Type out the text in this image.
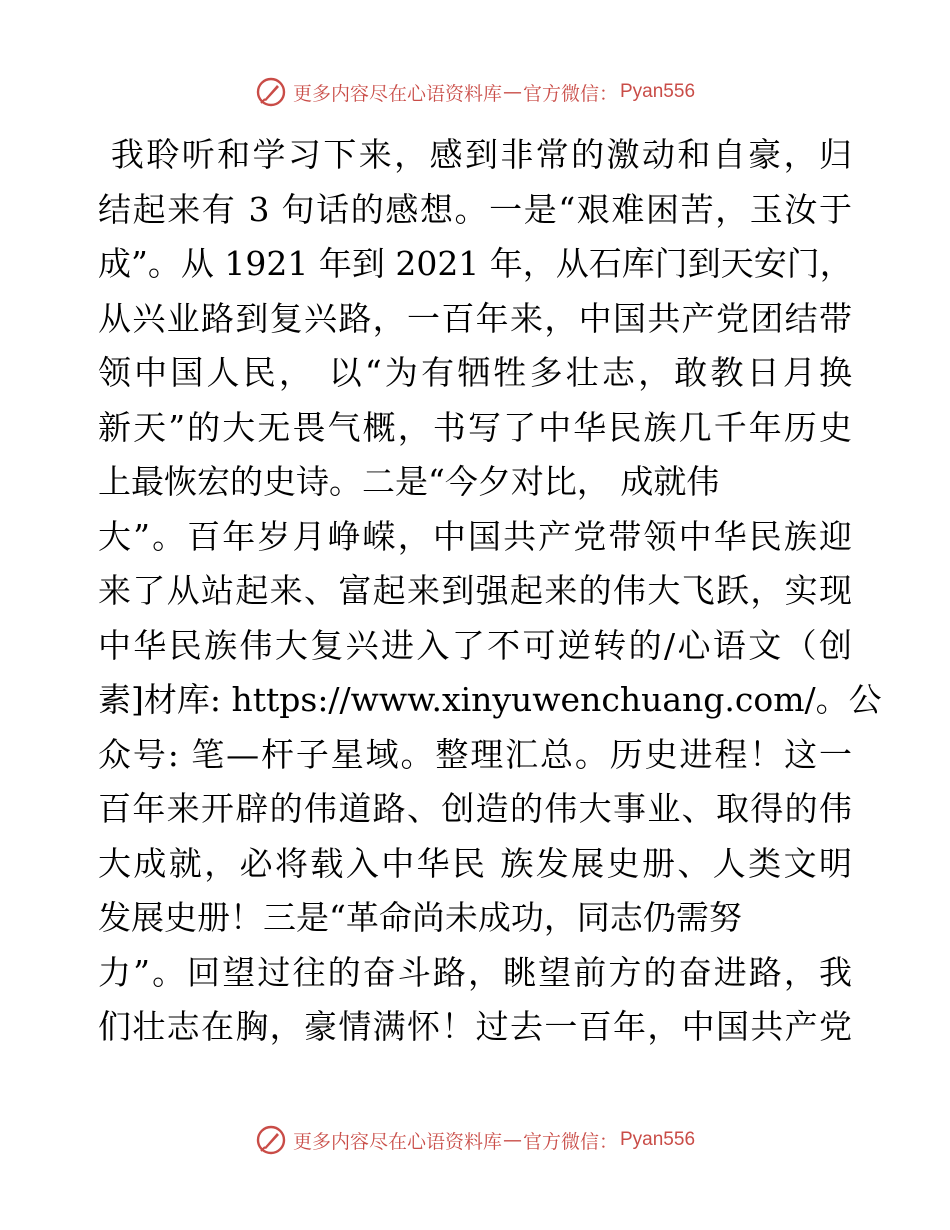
更多内容尽在心语资料库 — 官方微信： Pyan556
我聆听和学习下来，感到非常的激动和自豪，归
结起来有 3 句话的感想。一是“艰难困苦，玉汝于
成”。从 1921 年到 2021 年，从石库门到天安门，
从兴业路到复兴路，一百年来，中国共产党团结带
领中国人民， 以“为有牺牲多壮志，敢教日月换
新天”的大无畏气概，书写了中华民族几千年历史
上最恢宏的史诗。二是“今夕对比， 成就伟
大”。百年岁月峥嵘，中国共产党带领中华民族迎
来了从站起来、富起来到强起来的伟大飞跃，实现
中华民族伟大复兴进入了不可逆转的/心语文（创
素]材库: https://www.xinyuwenchuang.com/。公
众号: 笔—杆子星域。整理汇总。历史进程！这一
百年来开辟的伟道路、创造的伟大事业、取得的伟
大成就，必将载入中华民 族发展史册、人类文明
发展史册！三是“革命尚未成功，同志仍需努
力”。回望过往的奋斗路，眺望前方的奋进路，我
们壮志在胸，豪情满怀！过去一百年，中国共产党
更多内容尽在心语资料库 — 官方微信： Pyan556
